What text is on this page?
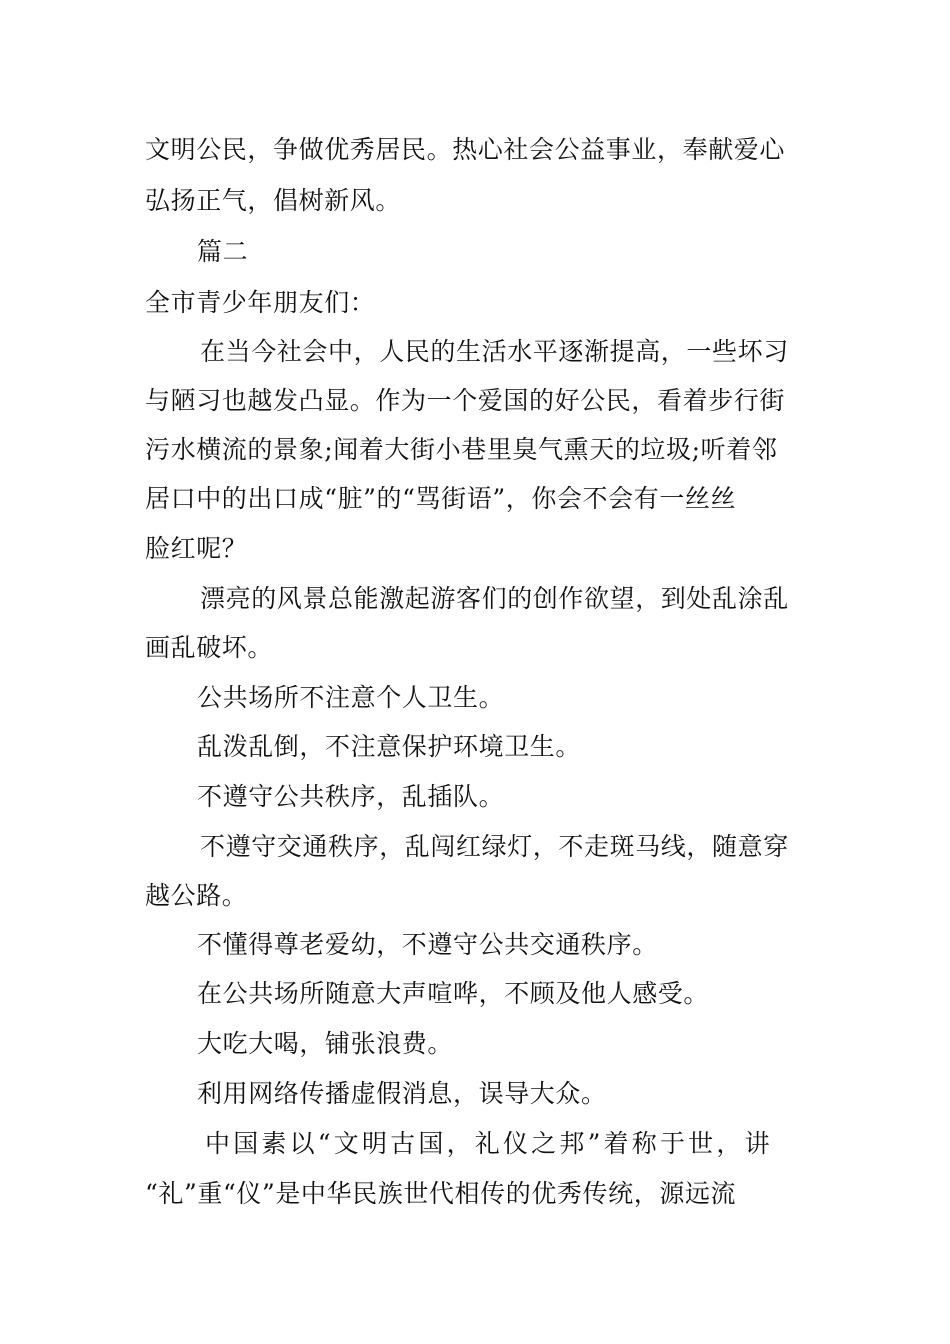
文明公民，争做优秀居民。热心社会公益事业，奉献爱心
弘扬正气，倡树新风。
篇二
全市青少年朋友们：
在当今社会中，人民的生活水平逐渐提高，一些坏习
与陋习也越发凸显。作为一个爱国的好公民，看着步行街
污水横流的景象;闻着大街小巷里臭气熏天的垃圾;听着邻
居口中的出口成“脏”的“骂街语”，你会不会有一丝丝
脸红呢？
漂亮的风景总能激起游客们的创作欲望，到处乱涂乱
画乱破坏。
公共场所不注意个人卫生。
乱泼乱倒，不注意保护环境卫生。
不遵守公共秩序，乱插队。
不遵守交通秩序，乱闯红绿灯，不走斑马线，随意穿
越公路。
不懂得尊老爱幼，不遵守公共交通秩序。
在公共场所随意大声喧哗，不顾及他人感受。
大吃大喝，铺张浪费。
利用网络传播虚假消息，误导大众。
中国素以“文明古国，礼仪之邦”着称于世，讲
“礼”重“仪”是中华民族世代相传的优秀传统，源远流
